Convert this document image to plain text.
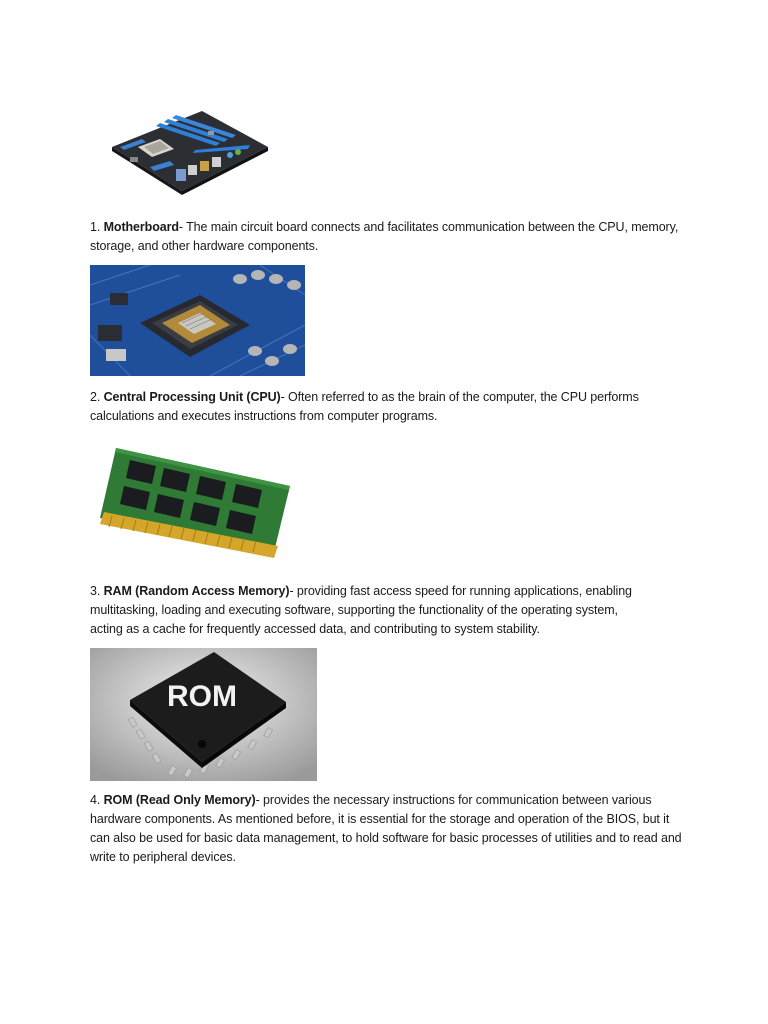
1. Motherboard- The main circuit board connects and facilitates communication between the CPU, memory, storage, and other hardware components.

2. Central Processing Unit (CPU)- Often referred to as the brain of the computer, the CPU performs calculations and executes instructions from computer programs.

3. RAM (Random Access Memory)- providing fast access speed for running applications, enabling multitasking, loading and executing software, supporting the functionality of the operating system, acting as a cache for frequently accessed data, and contributing to system stability.

ROM

4. ROM (Read Only Memory)- provides the necessary instructions for communication between various hardware components. As mentioned before, it is essential for the storage and operation of the BIOS, but it can also be used for basic data management, to hold software for basic processes of utilities and to read and write to peripheral devices.
